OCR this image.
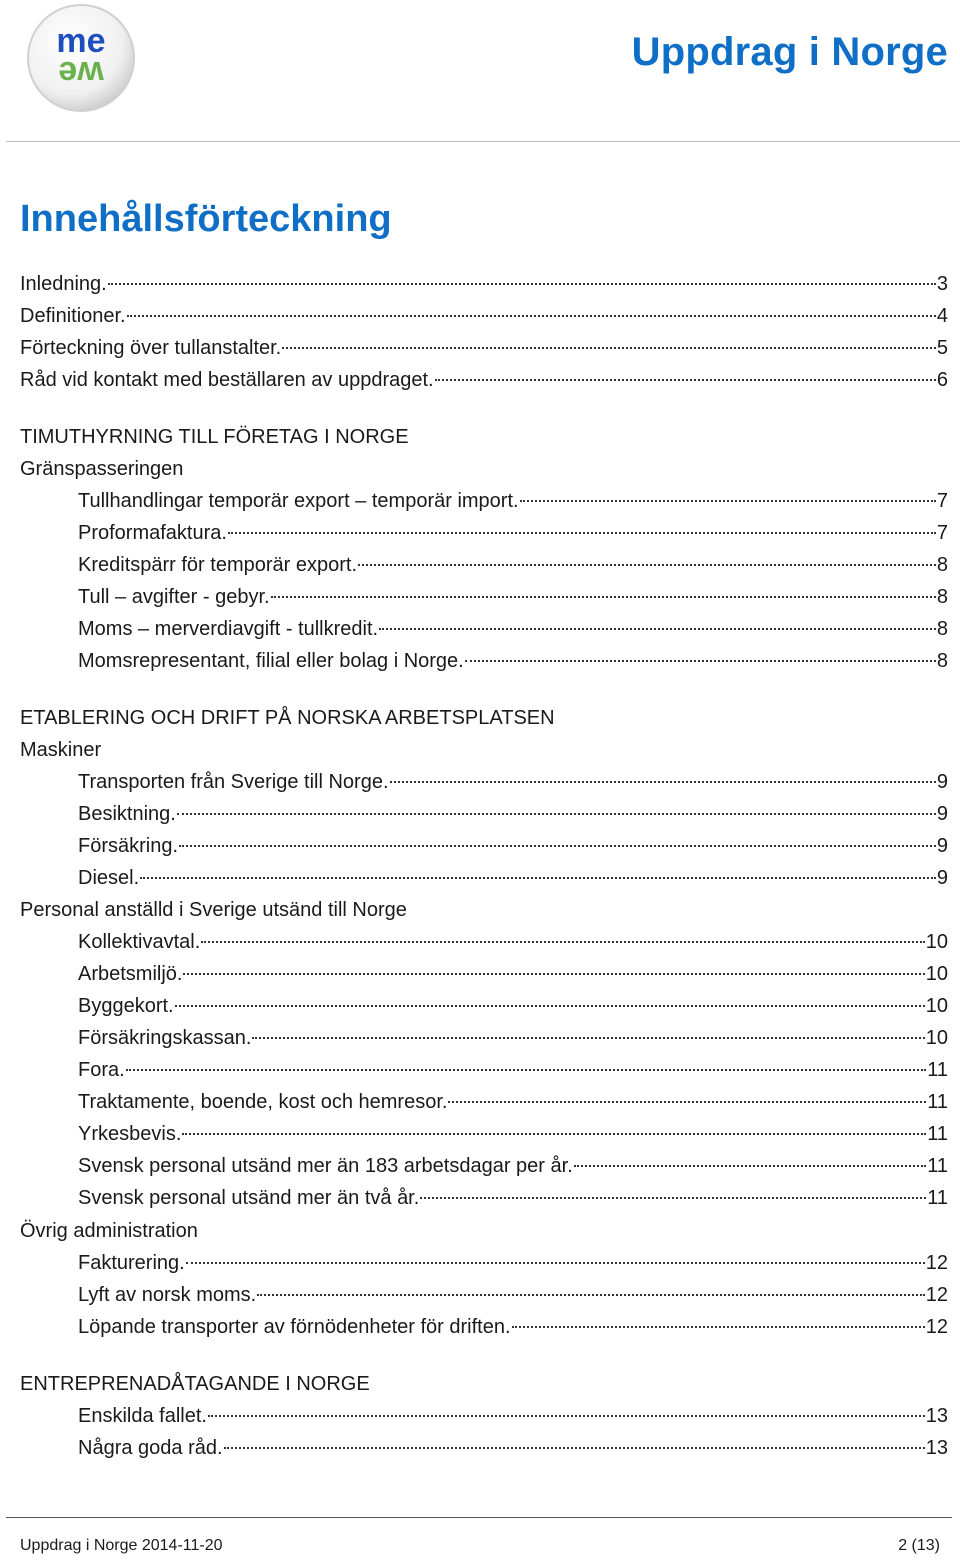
me
we	Uppdrag i Norge
Innehållsförteckning
Inledning.	3
Definitioner.	4
Förteckning över tullanstalter.	5
Råd vid kontakt med beställaren av uppdraget.	6
TIMUTHYRNING TILL FÖRETAG I NORGE
Gränspasseringen
Tullhandlingar temporär export – temporär import.	7
Proformafaktura.	7
Kreditspärr för temporär export.	8
Tull – avgifter - gebyr.	8
Moms – merverdiavgift - tullkredit.	8
Momsrepresentant, filial eller bolag i Norge.	8
ETABLERING OCH DRIFT PÅ NORSKA ARBETSPLATSEN
Maskiner
Transporten från Sverige till Norge.	9
Besiktning.	9
Försäkring.	9
Diesel.	9
Personal anställd i Sverige utsänd till Norge
Kollektivavtal.	10
Arbetsmiljö.	10
Byggekort.	10
Försäkringskassan.	10
Fora.	11
Traktamente, boende, kost och hemresor.	11
Yrkesbevis.	11
Svensk personal utsänd mer än 183 arbetsdagar per år.	11
Svensk personal utsänd mer än två år.	11
Övrig administration
Fakturering.	12
Lyft av norsk moms.	12
Löpande transporter av förnödenheter för driften.	12
ENTREPRENADÅTAGANDE I NORGE
Enskilda fallet.	13
Några goda råd.	13
Uppdrag i Norge 2014-11-20	2 (13)
